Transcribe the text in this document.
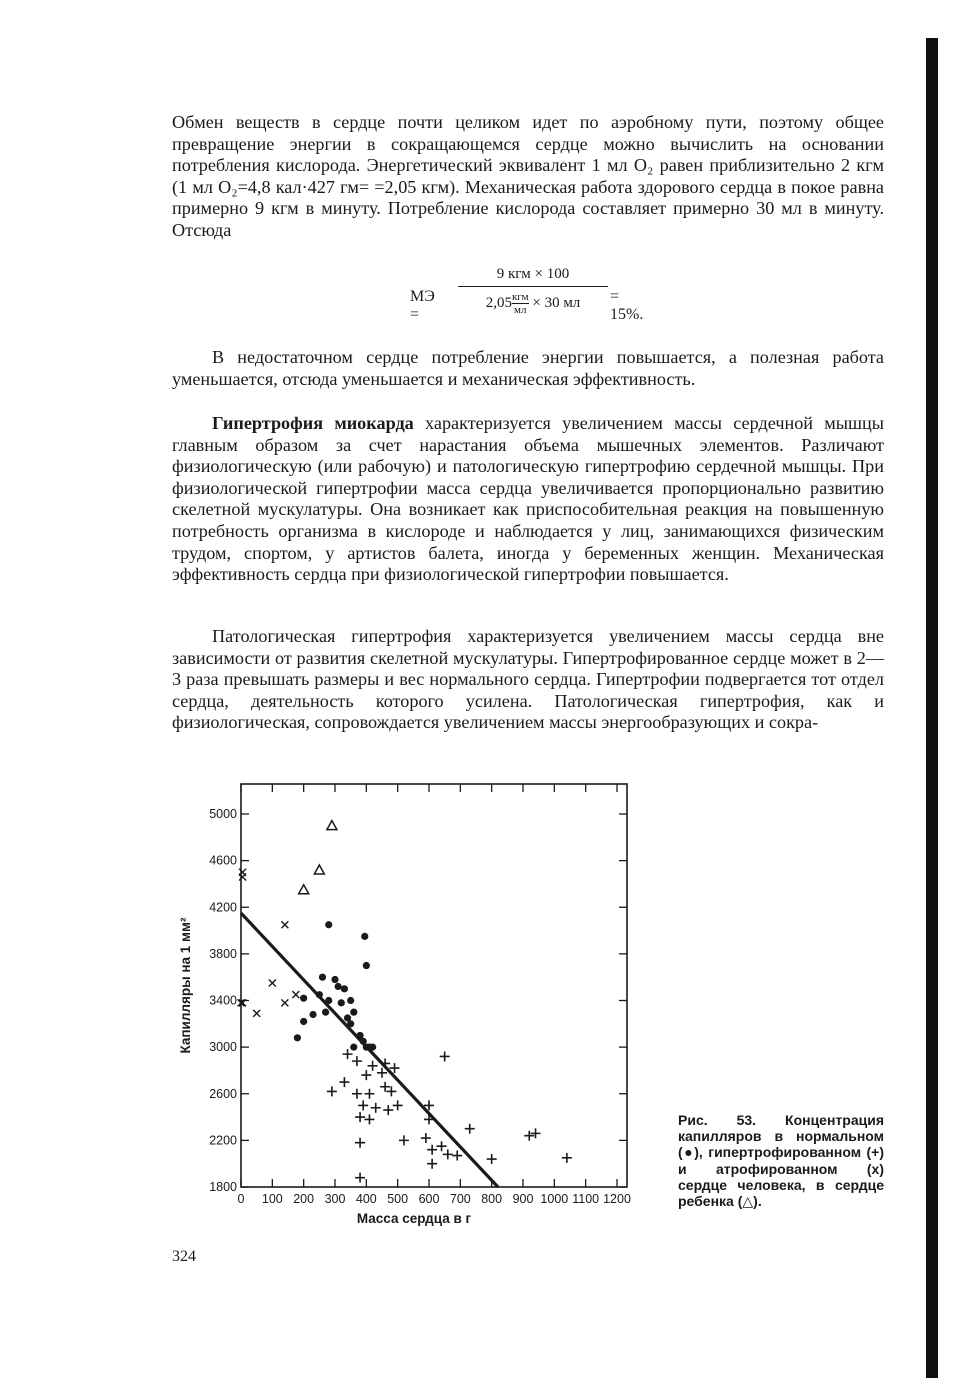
Обмен веществ в сердце почти целиком идет по аэробному пути, поэтому общее превращение энергии в сокращающемся сердце можно вычислить на основании потребления кислорода. Энергетический эквивалент 1 мл O₂ равен приблизительно 2 кгм (1 мл O₂=4,8 кал·427 гм= =2,05 кгм). Механическая работа здорового сердца в покое равна примерно 9 кгм в минуту. Потребление кислорода составляет примерно 30 мл в минуту. Отсюда

МЭ =
9 кгм × 100
2,05 кгм
мл × 30 мл	= 15%.

В недостаточном сердце потребление энергии повышается, а полезная работа уменьшается, отсюда уменьшается и механическая эффективность.

Гипертрофия миокарда характеризуется увеличением массы сердечной мышцы главным образом за счет нарастания объема мышечных элементов. Различают физиологическую (или рабочую) и патологическую гипертрофию сердечной мышцы. При физиологической гипертрофии масса сердца увеличивается пропорционально развитию скелетной мускулатуры. Она возникает как приспособительная реакция на повышенную потребность организма в кислороде и наблюдается у лиц, занимающихся физическим трудом, спортом, у артистов балета, иногда у беременных женщин. Механическая эффективность сердца при физиологической гипертрофии повышается.

Патологическая гипертрофия характеризуется увеличением массы сердца вне зависимости от развития скелетной мускулатуры. Гипертрофированное сердце может в 2—3 раза превышать размеры и вес нормального сердца. Гипертрофии подвергается тот отдел сердца, деятельность которого усилена. Патологическая гипертрофия, как и физиологическая, сопровождается увеличением массы энергообразующих и сокра-

0 100 200 300 400 500 600 700 800 900 1000 1100 1200
1800
2200
2600
3000
3400
3800
4200
4600
5000
Масса сердца в г
Капилляры на 1 мм²
Рис. 53. Концентрация капилляров в нормальном (●), гипертрофированном (+) и атрофированном (x) сердце человека, в сердце ребенка (△).
324
